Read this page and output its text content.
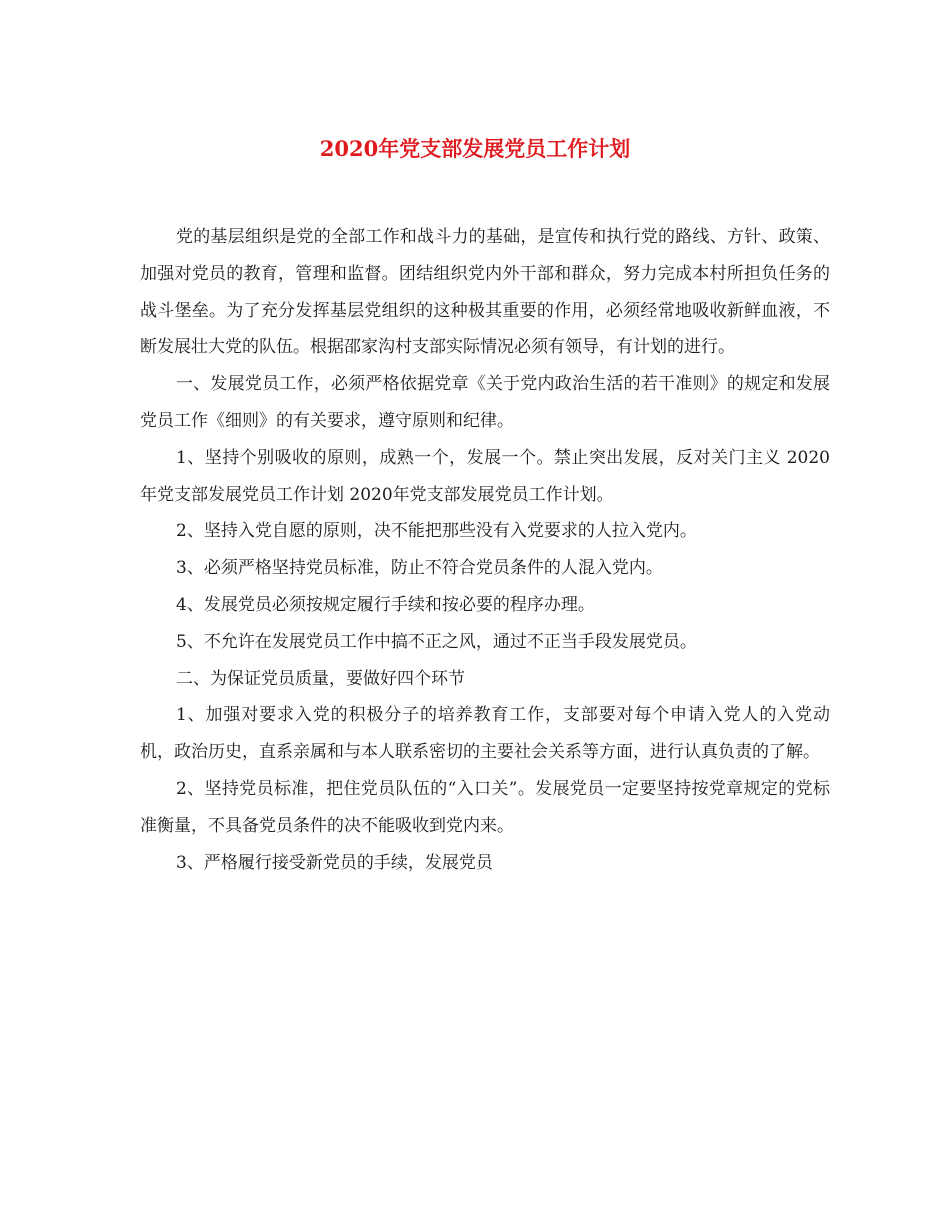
2020年党支部发展党员工作计划

党的基层组织是党的全部工作和战斗力的基础，是宣传和执行党的路线、方针、政策、加强对党员的教育，管理和监督。团结组织党内外干部和群众，努力完成本村所担负任务的战斗堡垒。为了充分发挥基层党组织的这种极其重要的作用，必须经常地吸收新鲜血液，不断发展壮大党的队伍。根据邵家沟村支部实际情况必须有领导，有计划的进行。

一、发展党员工作，必须严格依据党章《关于党内政治生活的若干准则》的规定和发展党员工作《细则》的有关要求，遵守原则和纪律。

1、坚持个别吸收的原则，成熟一个，发展一个。禁止突出发展，反对关门主义 2020年党支部发展党员工作计划 2020年党支部发展党员工作计划。

2、坚持入党自愿的原则，决不能把那些没有入党要求的人拉入党内。

3、必须严格坚持党员标准，防止不符合党员条件的人混入党内。

4、发展党员必须按规定履行手续和按必要的程序办理。

5、不允许在发展党员工作中搞不正之风，通过不正当手段发展党员。

二、为保证党员质量，要做好四个环节

1、加强对要求入党的积极分子的培养教育工作，支部要对每个申请入党人的入党动机，政治历史，直系亲属和与本人联系密切的主要社会关系等方面，进行认真负责的了解。

2、坚持党员标准，把住党员队伍的“入口关”。发展党员一定要坚持按党章规定的党标准衡量，不具备党员条件的决不能吸收到党内来。

3、严格履行接受新党员的手续，发展党员
